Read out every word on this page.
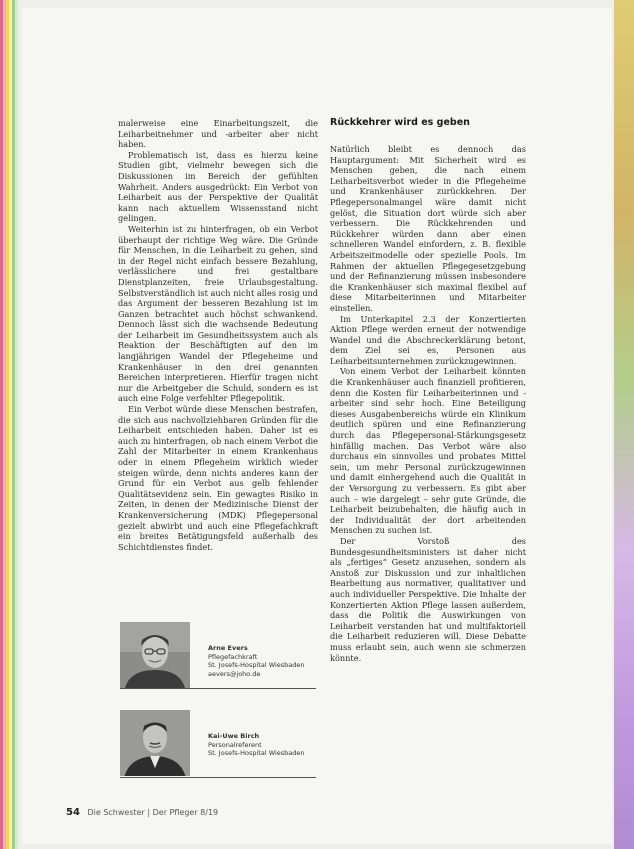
malerweise eine Einarbeitungszeit, die Leiharbeitnehmer und -arbeiter aber nicht haben.

Problematisch ist, dass es hierzu keine Studien gibt, vielmehr bewegen sich die Diskussionen im Bereich der gefühlten Wahrheit. Anders ausgedrückt: Ein Verbot von Leiharbeit aus der Perspektive der Qualität kann nach aktuellem Wissensstand nicht gelingen.

Weiterhin ist zu hinterfragen, ob ein Verbot überhaupt der richtige Weg wäre. Die Gründe für Menschen, in die Leiharbeit zu gehen, sind in der Regel nicht einfach bessere Bezahlung, verlässlichere und frei gestaltbare Dienstplanzeiten, freie Urlaubsgestaltung. Selbstverständlich ist auch nicht alles rosig und das Argument der besseren Bezahlung ist im Ganzen betrachtet auch höchst schwankend. Dennoch lässt sich die wachsende Bedeutung der Leiharbeit im Gesundheitssystem auch als Reaktion der Beschäftigten auf den im langjährigen Wandel der Pflegeheime und Krankenhäuser in den drei genannten Bereichen interpretieren. Hierfür tragen nicht nur die Arbeitgeber die Schuld, sondern es ist auch eine Folge verfehlter Pflegepolitik.

Ein Verbot würde diese Menschen bestrafen, die sich aus nachvollziehbaren Gründen für die Leiharbeit entschieden haben. Daher ist es auch zu hinterfragen, ob nach einem Verbot die Zahl der Mitarbeiter in einem Krankenhaus oder in einem Pflegeheim wirklich wieder steigen würde, denn nichts anderes kann der Grund für ein Verbot aus gelb fehlender Qualitätsevidenz sein. Ein gewagtes Risiko in Zeiten, in denen der Medizinische Dienst der Krankenversicherung (MDK) Pflegepersonal gezielt abwirbt und auch eine Pflegefachkraft ein breites Betätigungsfeld außerhalb des Schichtdienstes findet.

Rückkehrer wird es geben

Natürlich bleibt es dennoch das Hauptargument: Mit Sicherheit wird es Menschen geben, die nach einem Leiharbeitsverbot wieder in die Pflegeheime und Krankenhäuser zurückkehren. Der Pflegepersonalmangel wäre damit nicht gelöst, die Situation dort würde sich aber verbessern. Die Rückkehrenden und Rückkehrer würden dann aber einen schnelleren Wandel einfordern, z. B. flexible Arbeitszeitmodelle oder spezielle Pools. Im Rahmen der aktuellen Pflegegesetzgebung und der Refinanzierung müssen insbesondere die Krankenhäuser sich maximal flexibel auf diese Mitarbeiterinnen und Mitarbeiter einstellen.

Im Unterkapitel 2.3 der Konzertierten Aktion Pflege werden erneut der notwendige Wandel und die Abschreckerklärung betont, dem Ziel sei es, Personen aus Leiharbeitsunternehmen zurückzugewinnen.

Von einem Verbot der Leiharbeit könnten die Krankenhäuser auch finanziell profitieren, denn die Kosten für Leiharbeiterinnen und -arbeiter sind sehr hoch. Eine Beteiligung dieses Ausgabenbereichs würde ein Klinikum deutlich spüren und eine Refinanzierung durch das Pflegepersonal-Stärkungsgesetz hinfällig machen. Das Verbot wäre also durchaus ein sinnvolles und probates Mittel sein, um mehr Personal zurückzugewinnen und damit einhergehend auch die Qualität in der Versorgung zu verbessern. Es gibt aber auch – wie dargelegt – sehr gute Gründe, die Leiharbeit beizubehalten, die häufig auch in der Individualität der dort arbeitenden Menschen zu suchen ist.

Der Vorstoß des Bundesgesundheitsministers ist daher nicht als „fertiges“ Gesetz anzusehen, sondern als Anstoß zur Diskussion und zur inhaltlichen Bearbeitung aus normativer, qualitativer und auch individueller Perspektive. Die Inhalte der Konzertierten Aktion Pflege lassen außerdem, dass die Politik die Auswirkungen von Leiharbeit verstanden hat und multifaktoriell die Leiharbeit reduzieren will. Diese Debatte muss erlaubt sein, auch wenn sie schmerzen könnte.

Arne Evers
Pflegefachkraft
St. Josefs-Hospital Wiesbaden
aevers@joho.de
Kai-Uwe Birch
Personalreferent
St. Josefs-Hospital Wiesbaden
54 Die Schwester | Der Pfleger 8/19
